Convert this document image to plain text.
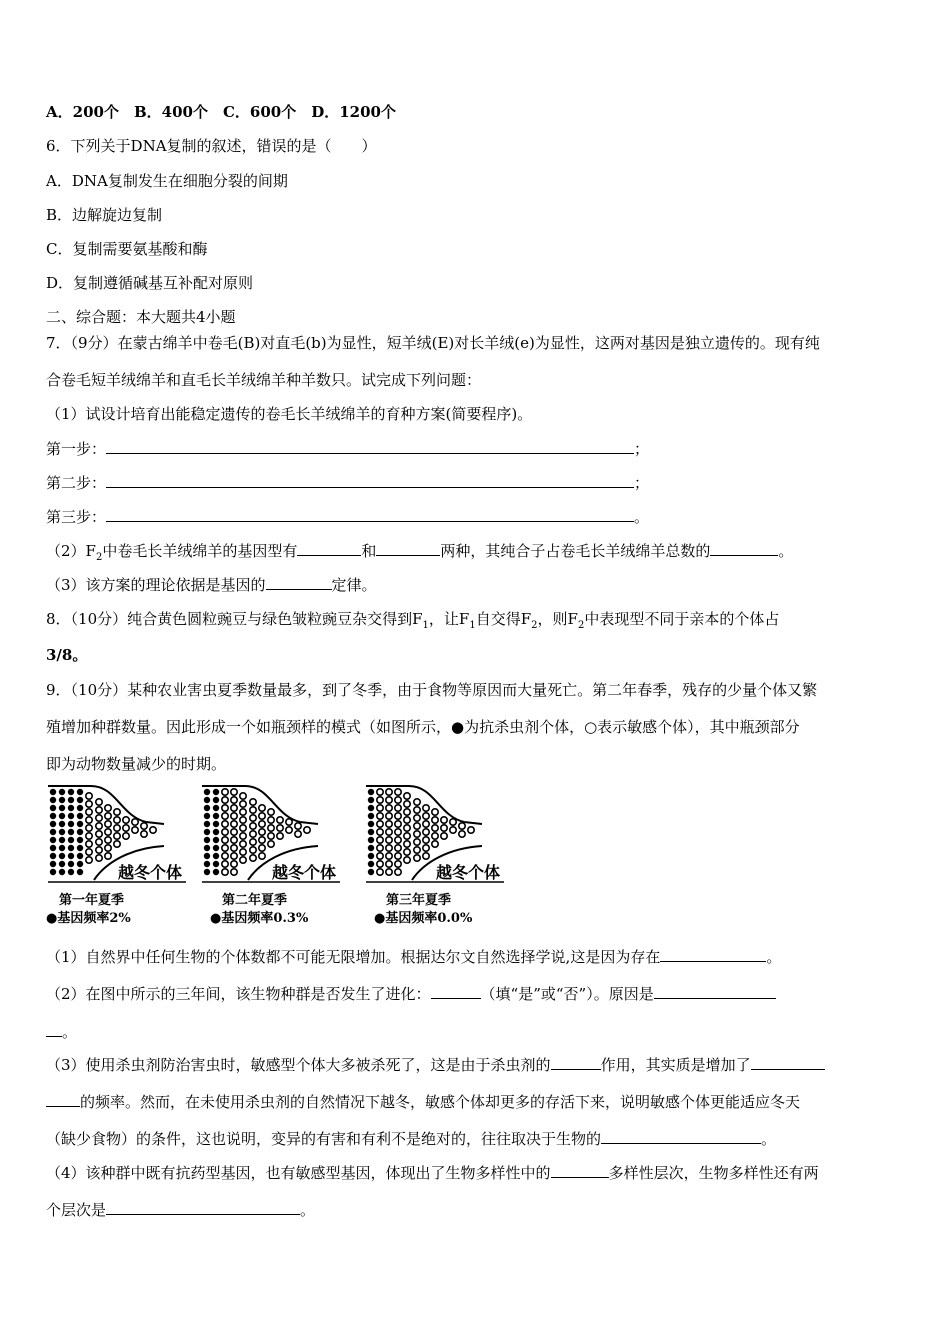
A．200个　B．400个　C．600个　D．1200个
6．下列关于DNA复制的叙述，错误的是（　　）
A．DNA复制发生在细胞分裂的间期
B．边解旋边复制
C．复制需要氨基酸和酶
D．复制遵循碱基互补配对原则
二、综合题：本大题共4小题
7．（9分）在蒙古绵羊中卷毛(B)对直毛(b)为显性，短羊绒(E)对长羊绒(e)为显性，这两对基因是独立遗传的。现有纯
合卷毛短羊绒绵羊和直毛长羊绒绵羊种羊数只。试完成下列问题：
（1）试设计培育出能稳定遗传的卷毛长羊绒绵羊的育种方案(简要程序)。
第一步：	；
第二步：	；
第三步：	。
$(2)F_2$中卷毛长羊绒绵羊的基因型有	和	两种，其纯合子占卷毛长羊绒绵羊总数的	。
（3）该方案的理论依据是基因的	定律。
8．（10分）纯合黄色圆粒豌豆与绿色皱粒豌豆杂交得到$F_1$，让$F_1$自交得$F_2$，则$F_2$中表现型不同于亲本的个体占
3/8。
9．（10分）某种农业害虫夏季数量最多，到了冬季，由于食物等原因而大量死亡。第二年春季，残存的少量个体又繁
殖增加种群数量。因此形成一个如瓶颈样的模式（如图所示，●为抗杀虫剂个体，○表示敏感个体），其中瓶颈部分
即为动物数量减少的时期。
越冬个体
第一年夏季
●基因频率2%
越冬个体
第二年夏季
●基因频率0.3%
越冬个体
第三年夏季
●基因频率0.0%
（1）自然界中任何生物的个体数都不可能无限增加。根据达尔文自然选择学说,这是因为存在	。
（2）在图中所示的三年间，该生物种群是否发生了进化：	（填“是”或“否”）。原因是
。
（3）使用杀虫剂防治害虫时，敏感型个体大多被杀死了，这是由于杀虫剂的	作用，其实质是增加了
的频率。然而，在未使用杀虫剂的自然情况下越冬，敏感个体却更多的存活下来，说明敏感个体更能适应冬天
（缺少食物）的条件，这也说明，变异的有害和有利不是绝对的，往往取决于生物的	。
（4）该种群中既有抗药型基因，也有敏感型基因，体现出了生物多样性中的	多样性层次，生物多样性还有两
个层次是	。
